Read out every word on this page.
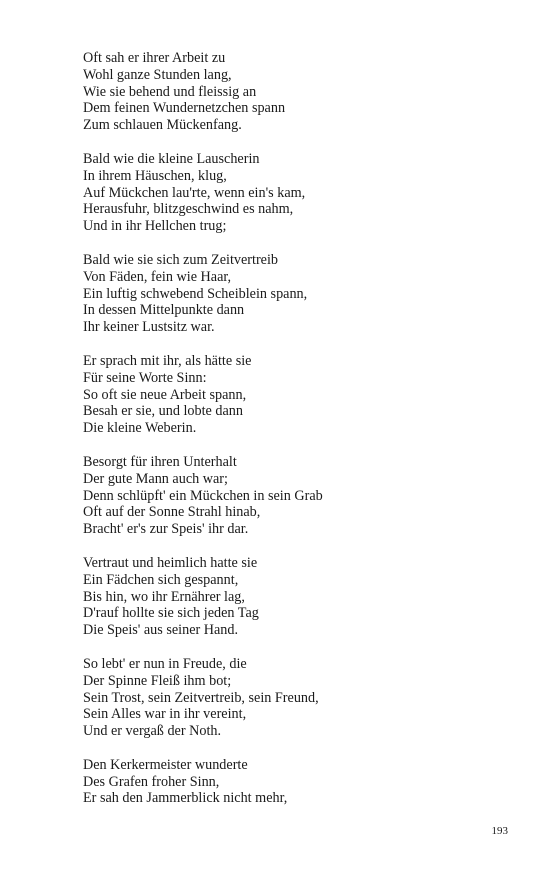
Oft sah er ihrer Arbeit zu
Wohl ganze Stunden lang,
Wie sie behend und fleissig an
Dem feinen Wundernetzchen spann
Zum schlauen Mückenfang.
Bald wie die kleine Lauscherin
In ihrem Häuschen, klug,
Auf Mückchen lau'rte, wenn ein's kam,
Herausfuhr, blitzgeschwind es nahm,
Und in ihr Hellchen trug;
Bald wie sie sich zum Zeitvertreib
Von Fäden, fein wie Haar,
Ein luftig schwebend Scheiblein spann,
In dessen Mittelpunkte dann
Ihr keiner Lustsitz war.
Er sprach mit ihr, als hätte sie
Für seine Worte Sinn:
So oft sie neue Arbeit spann,
Besah er sie, und lobte dann
Die kleine Weberin.
Besorgt für ihren Unterhalt
Der gute Mann auch war;
Denn schlüpft' ein Mückchen in sein Grab
Oft auf der Sonne Strahl hinab,
Bracht' er's zur Speis' ihr dar.
Vertraut und heimlich hatte sie
Ein Fädchen sich gespannt,
Bis hin, wo ihr Ernährer lag,
D'rauf hollte sie sich jeden Tag
Die Speis' aus seiner Hand.
So lebt' er nun in Freude, die
Der Spinne Fleiß ihm bot;
Sein Trost, sein Zeitvertreib, sein Freund,
Sein Alles war in ihr vereint,
Und er vergaß der Noth.
Den Kerkermeister wunderte
Des Grafen froher Sinn,
Er sah den Jammerblick nicht mehr,
193
